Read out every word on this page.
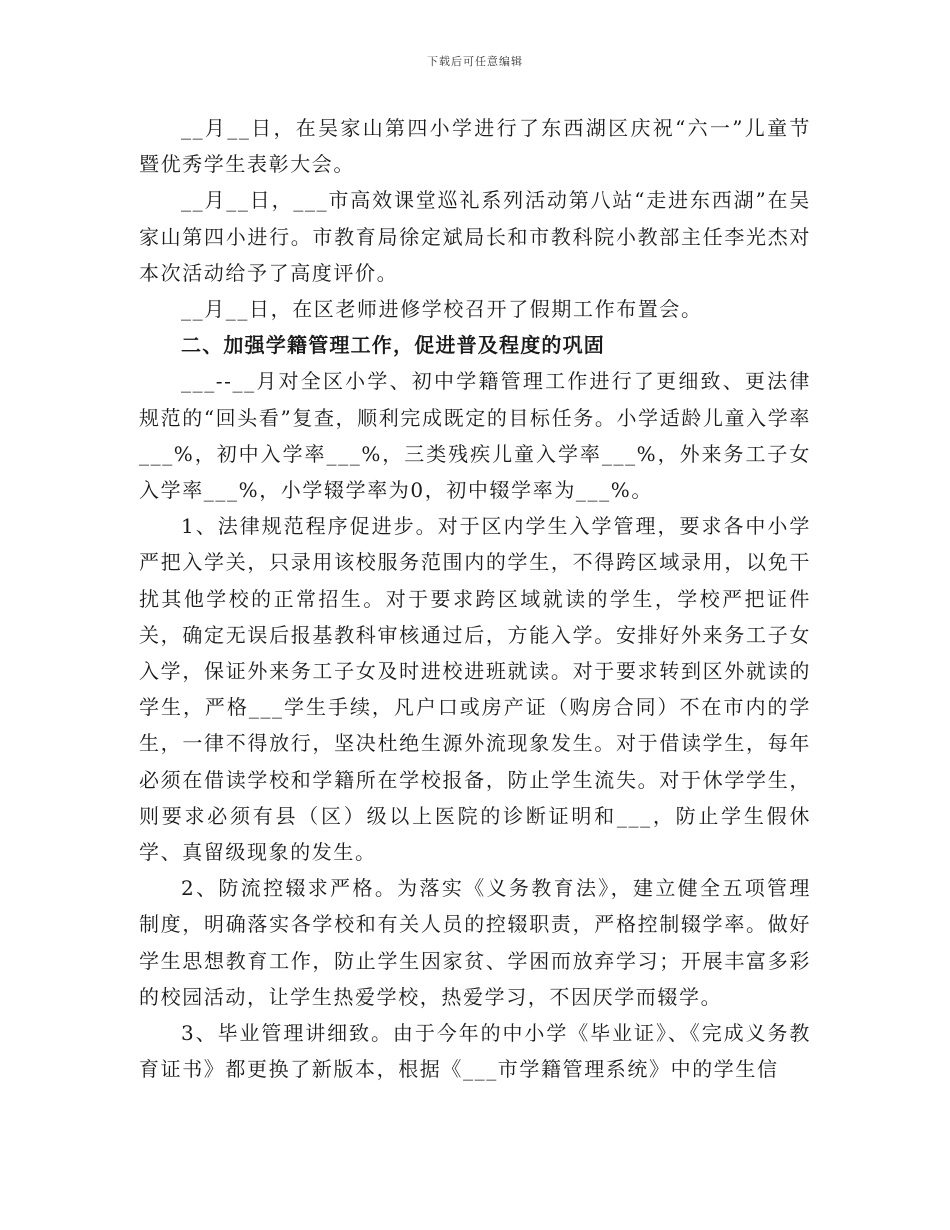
下载后可任意编辑

__月__日，在吴家山第四小学进行了东西湖区庆祝“六一”儿童节暨优秀学生表彰大会。

__月__日，___市高效课堂巡礼系列活动第八站“走进东西湖”在吴家山第四小进行。市教育局徐定斌局长和市教科院小教部主任李光杰对本次活动给予了高度评价。

__月__日，在区老师进修学校召开了假期工作布置会。

二、加强学籍管理工作，促进普及程度的巩固

___--__月对全区小学、初中学籍管理工作进行了更细致、更法律规范的“回头看”复查，顺利完成既定的目标任务。小学适龄儿童入学率___%，初中入学率___%，三类残疾儿童入学率___%，外来务工子女入学率___%，小学辍学率为0，初中辍学率为___%。

1、法律规范程序促进步。对于区内学生入学管理，要求各中小学严把入学关，只录用该校服务范围内的学生，不得跨区域录用，以免干扰其他学校的正常招生。对于要求跨区域就读的学生，学校严把证件关，确定无误后报基教科审核通过后，方能入学。安排好外来务工子女入学，保证外来务工子女及时进校进班就读。对于要求转到区外就读的学生，严格___学生手续，凡户口或房产证（购房合同）不在市内的学生，一律不得放行，坚决杜绝生源外流现象发生。对于借读学生，每年必须在借读学校和学籍所在学校报备，防止学生流失。对于休学学生，则要求必须有县（区）级以上医院的诊断证明和___，防止学生假休学、真留级现象的发生。

2、防流控辍求严格。为落实《义务教育法》，建立健全五项管理制度，明确落实各学校和有关人员的控辍职责，严格控制辍学率。做好学生思想教育工作，防止学生因家贫、学困而放弃学习；开展丰富多彩的校园活动，让学生热爱学校，热爱学习，不因厌学而辍学。

3、毕业管理讲细致。由于今年的中小学《毕业证》、《完成义务教育证书》都更换了新版本，根据《___市学籍管理系统》中的学生信
